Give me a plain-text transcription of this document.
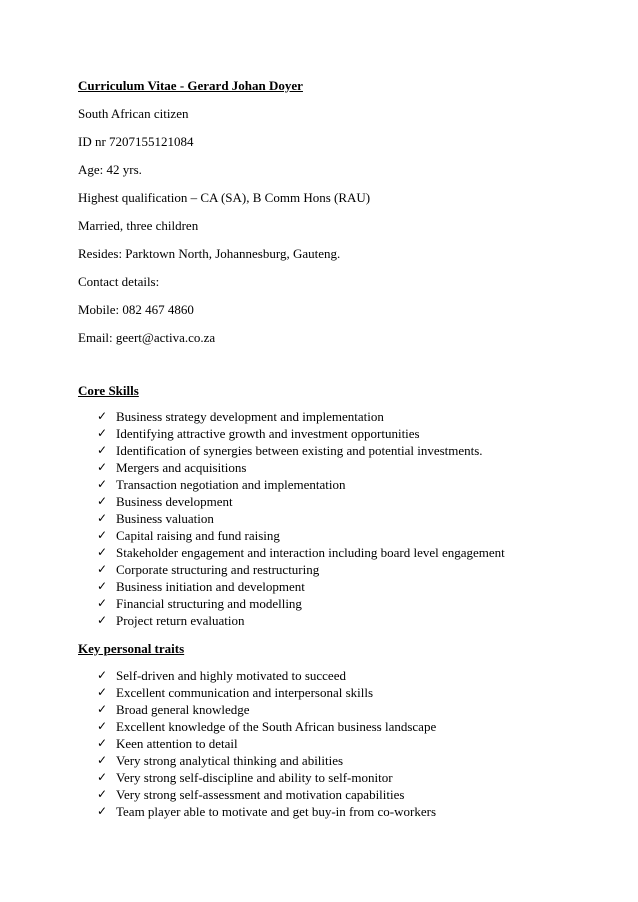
Curriculum Vitae - Gerard Johan Doyer

South African citizen

ID nr 7207155121084

Age: 42 yrs.

Highest qualification – CA (SA), B Comm Hons (RAU)

Married, three children

Resides: Parktown North, Johannesburg, Gauteng.

Contact details:

Mobile: 082 467 4860

Email: geert@activa.co.za

Core Skills

✓ Business strategy development and implementation
✓ Identifying attractive growth and investment opportunities
✓ Identification of synergies between existing and potential investments.
✓ Mergers and acquisitions
✓ Transaction negotiation and implementation
✓ Business development
✓ Business valuation
✓ Capital raising and fund raising
✓ Stakeholder engagement and interaction including board level engagement
✓ Corporate structuring and restructuring
✓ Business initiation and development
✓ Financial structuring and modelling
✓ Project return evaluation

Key personal traits

✓ Self-driven and highly motivated to succeed
✓ Excellent communication and interpersonal skills
✓ Broad general knowledge
✓ Excellent knowledge of the South African business landscape
✓ Keen attention to detail
✓ Very strong analytical thinking and abilities
✓ Very strong self-discipline and ability to self-monitor
✓ Very strong self-assessment and motivation capabilities
✓ Team player able to motivate and get buy-in from co-workers
